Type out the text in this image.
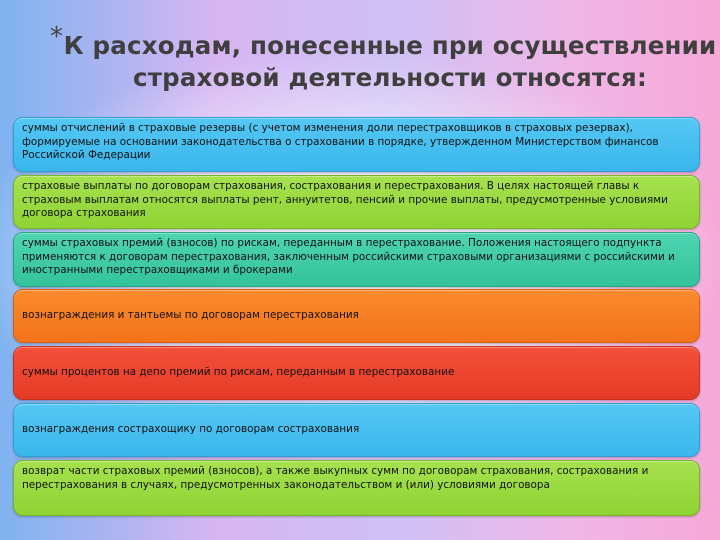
* К расходам, понесенные при осуществлении страховой деятельности относятся:
суммы отчислений в страховые резервы (с учетом изменения доли перестраховщиков в страховых резервах), формируемые на основании законодательства о страховании в порядке, утвержденном Министерством финансов Российской Федерации
страховые выплаты по договорам страхования, сострахования и перестрахования. В целях настоящей главы к страховым выплатам относятся выплаты рент, аннуитетов, пенсий и прочие выплаты, предусмотренные условиями договора страхования
суммы страховых премий (взносов) по рискам, переданным в перестрахование. Положения настоящего подпункта применяются к договорам перестрахования, заключенным российскими страховыми организациями с российскими и иностранными перестраховщиками и брокерами
вознаграждения и тантьемы по договорам перестрахования
суммы процентов на депо премий по рискам, переданным в перестрахование
вознаграждения сострахощику по договорам сострахования
возврат части страховых премий (взносов), а также выкупных сумм по договорам страхования, сострахования и перестрахования в случаях, предусмотренных законодательством и (или) условиями договора
